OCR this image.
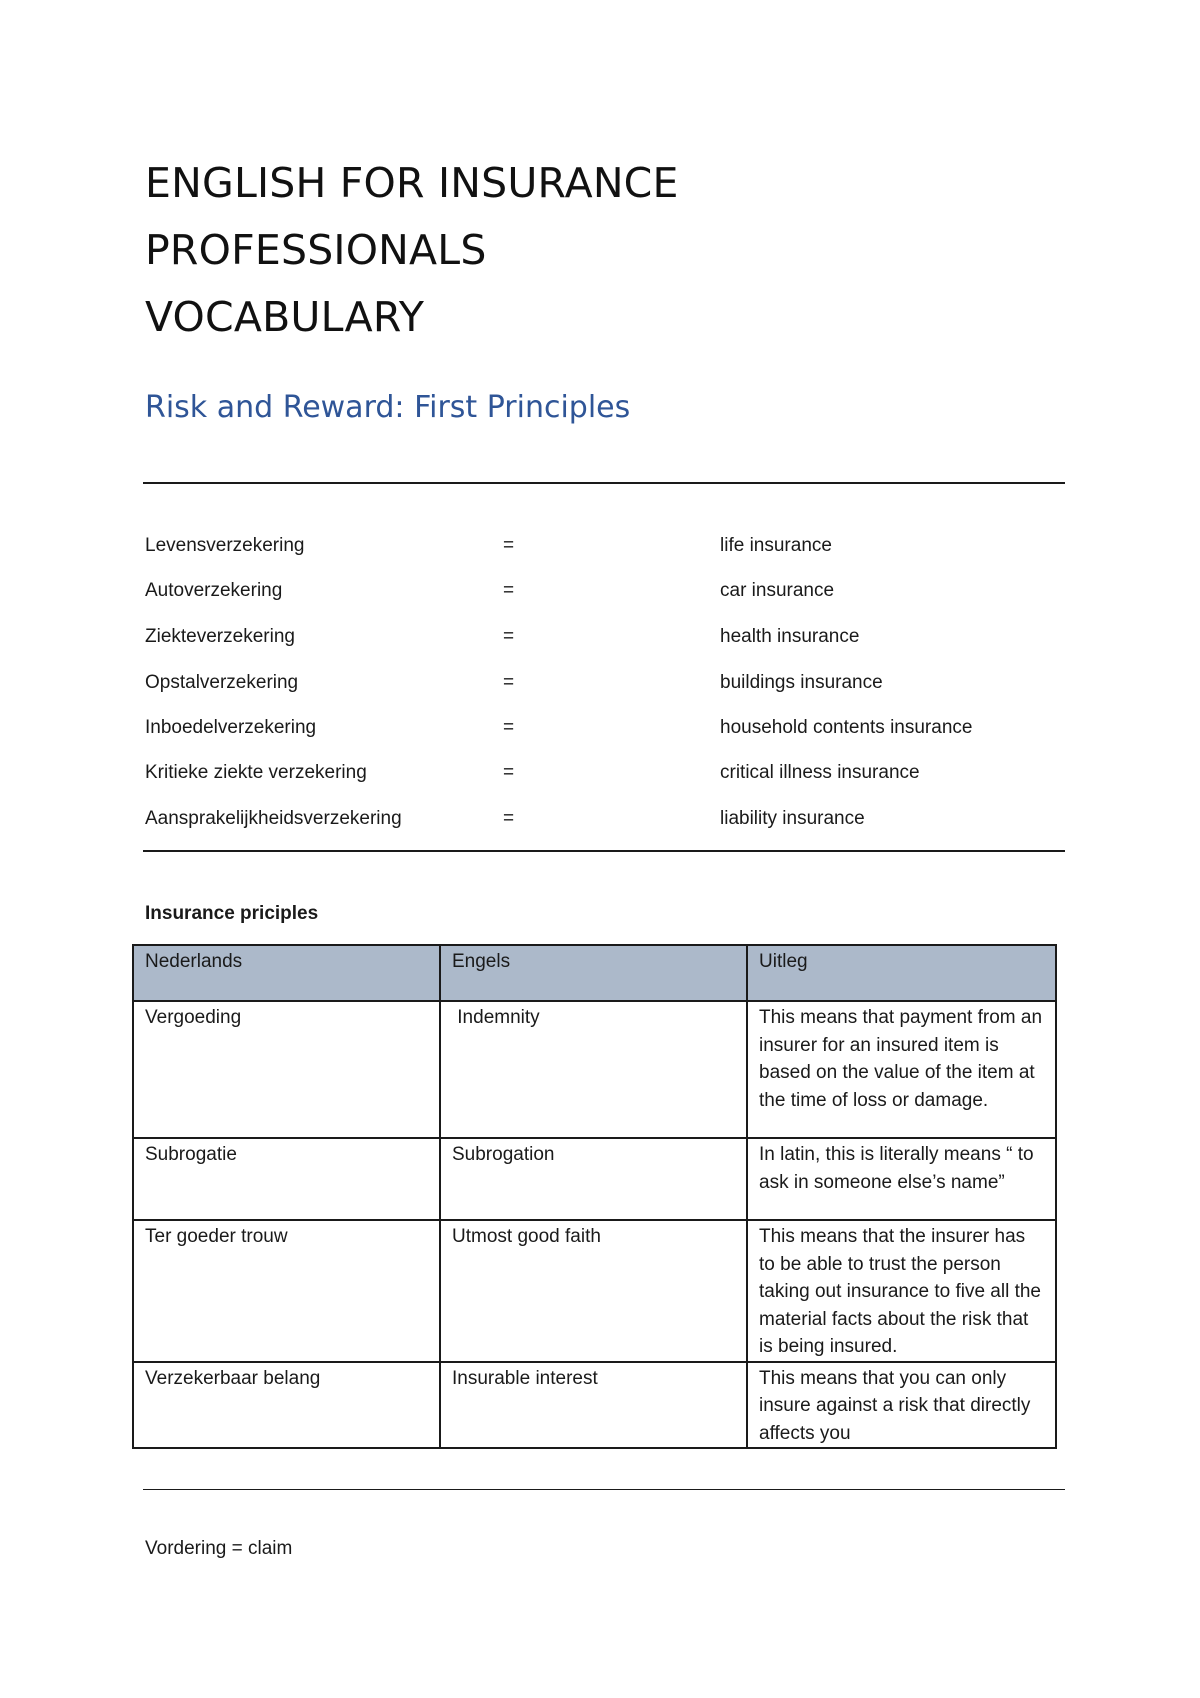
ENGLISH FOR INSURANCE
PROFESSIONALS
VOCABULARY
Risk and Reward: First Principles
Levensverzekering	=	life insurance
Autoverzekering	=	car insurance
Ziekteverzekering	=	health insurance
Opstalverzekering	=	buildings insurance
Inboedelverzekering	=	household contents insurance
Kritieke ziekte verzekering	=	critical illness insurance
Aansprakelijkheidsverzekering	=	liability insurance
Insurance priciples
Nederlands	Engels	Uitleg
Vergoeding	Indemnity	This means that payment from an insurer for an insured item is based on the value of the item at the time of loss or damage.
Subrogatie	Subrogation	In latin, this is literally means “ to ask in someone else’s name”
Ter goeder trouw	Utmost good faith	This means that the insurer has to be able to trust the person taking out insurance to five all the material facts about the risk that is being insured.
Verzekerbaar belang	Insurable interest	This means that you can only insure against a risk that directly affects you
Vordering = claim
